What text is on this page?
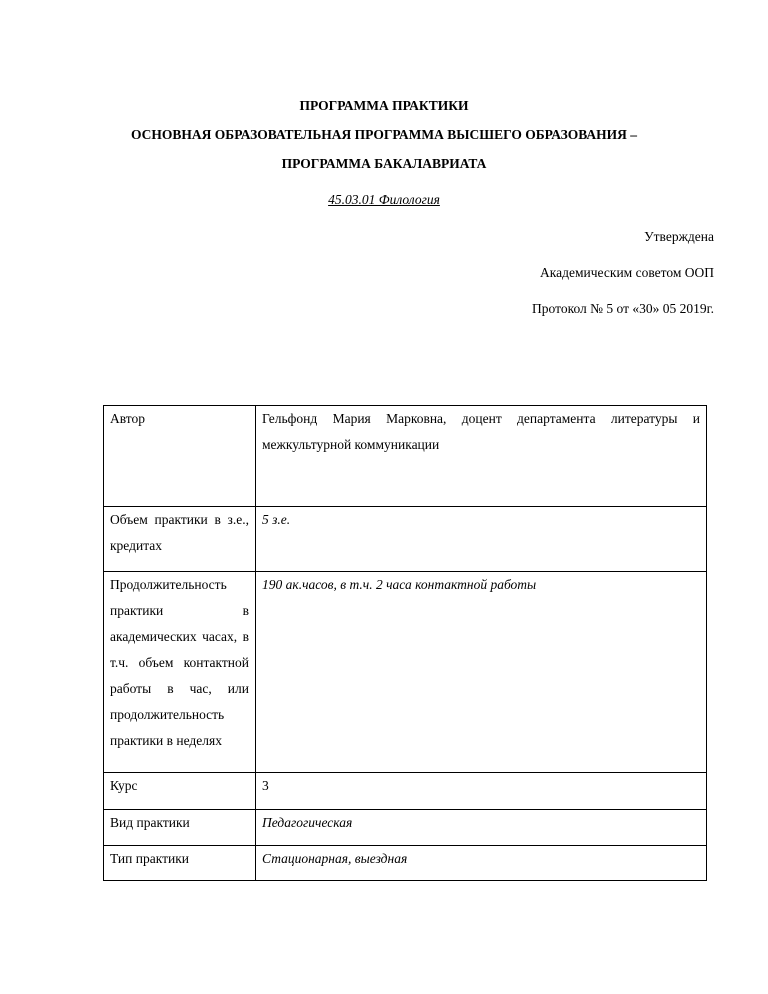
ПРОГРАММА ПРАКТИКИ
ОСНОВНАЯ ОБРАЗОВАТЕЛЬНАЯ ПРОГРАММА ВЫСШЕГО ОБРАЗОВАНИЯ –
ПРОГРАММА БАКАЛАВРИАТА
45.03.01 Филология
Утверждена
Академическим советом ООП
Протокол № 5 от «30» 05 2019г.
Автор	Гельфонд Мария Марковна, доцент департамента литературы и межкультурной коммуникации
Объем практики в з.е., кредитах	5 з.е.
Продолжительность практики в академических часах, в т.ч. объем контактной работы в час, или продолжительность практики в неделях	190 ак.часов, в т.ч. 2 часа контактной работы
Курс	3
Вид практики	Педагогическая
Тип практики	Стационарная, выездная
